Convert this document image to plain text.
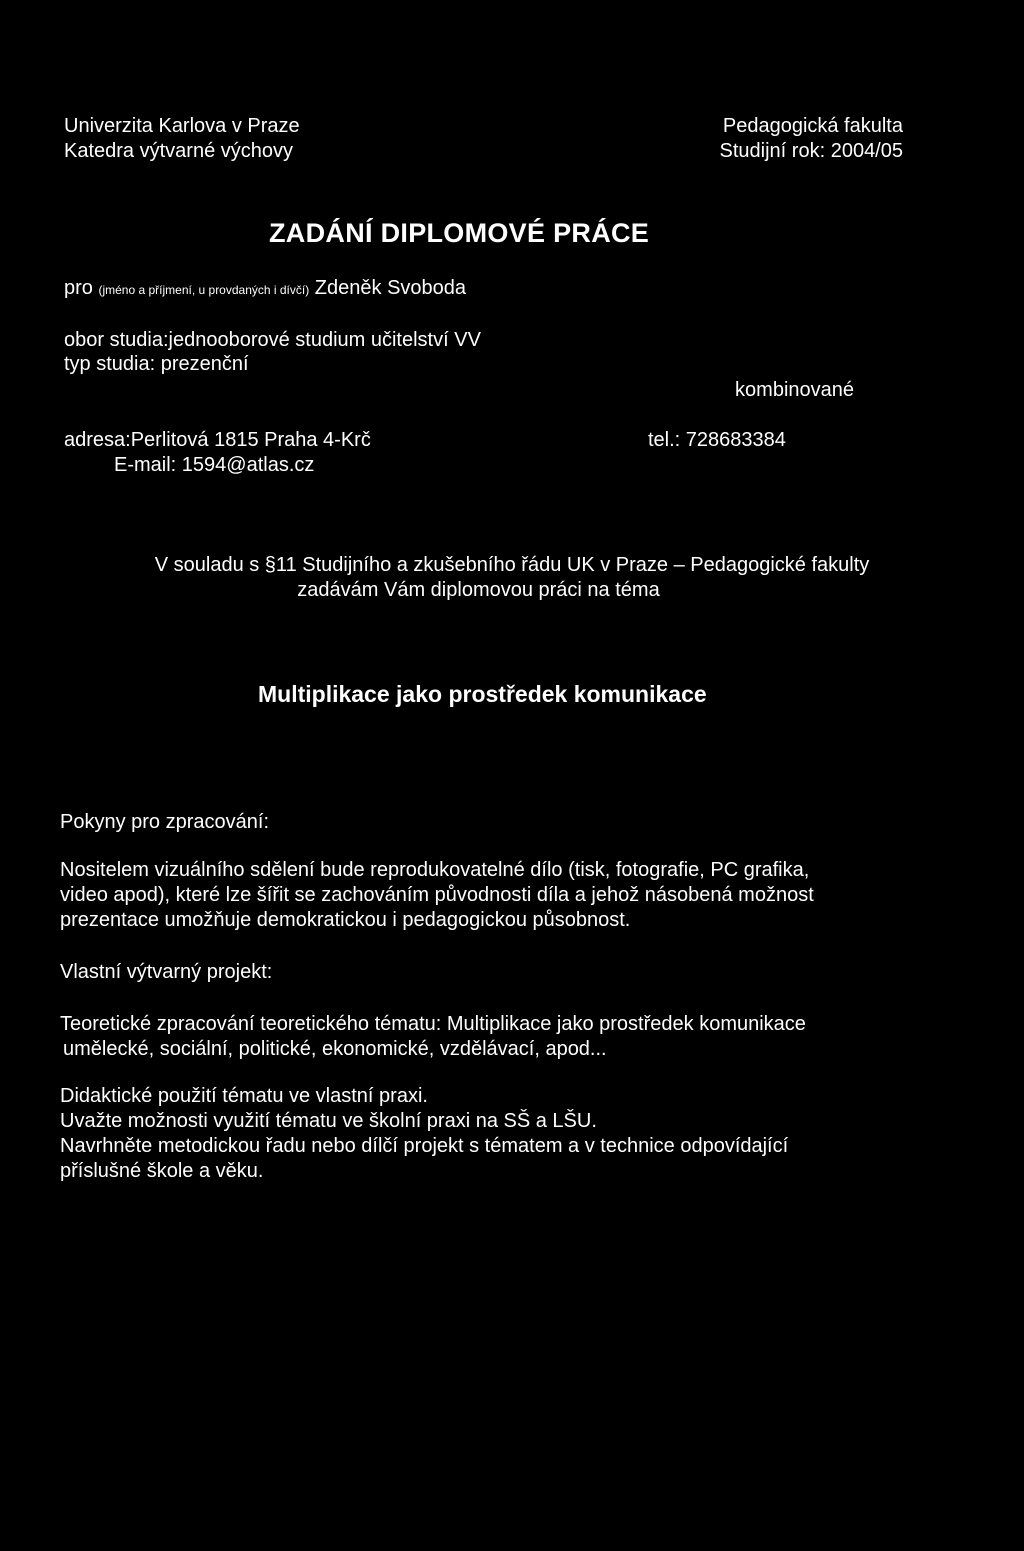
Univerzita Karlova v Praze
Katedra výtvarné výchovy
Pedagogická fakulta
Studijní rok: 2004/05
ZADÁNÍ DIPLOMOVÉ PRÁCE
pro (jméno a příjmení, u provdaných i dívčí) Zdeněk Svoboda
obor studia:jednooborové studium učitelství VV
typ studia: prezenční
kombinované
adresa:Perlitová 1815 Praha 4-Krč	tel.: 728683384
E-mail: 1594@atlas.cz
V souladu s §11 Studijního a zkušebního řádu UK v Praze – Pedagogické fakulty
zadávám Vám diplomovou práci na téma
Multiplikace jako prostředek komunikace
Pokyny pro zpracování:
Nositelem vizuálního sdělení bude reprodukovatelné dílo (tisk, fotografie, PC grafika,
video apod), které lze šířit se zachováním původnosti díla a jehož násobená možnost
prezentace umožňuje demokratickou i pedagogickou působnost.
Vlastní výtvarný projekt:
Teoretické zpracování teoretického tématu: Multiplikace jako prostředek komunikace
umělecké, sociální, politické, ekonomické, vzdělávací, apod...
Didaktické použití tématu ve vlastní praxi.
Uvažte možnosti využití tématu ve školní praxi na SŠ a LŠU.
Navrhněte metodickou řadu nebo dílčí projekt s tématem a v technice odpovídající
příslušné škole a věku.
